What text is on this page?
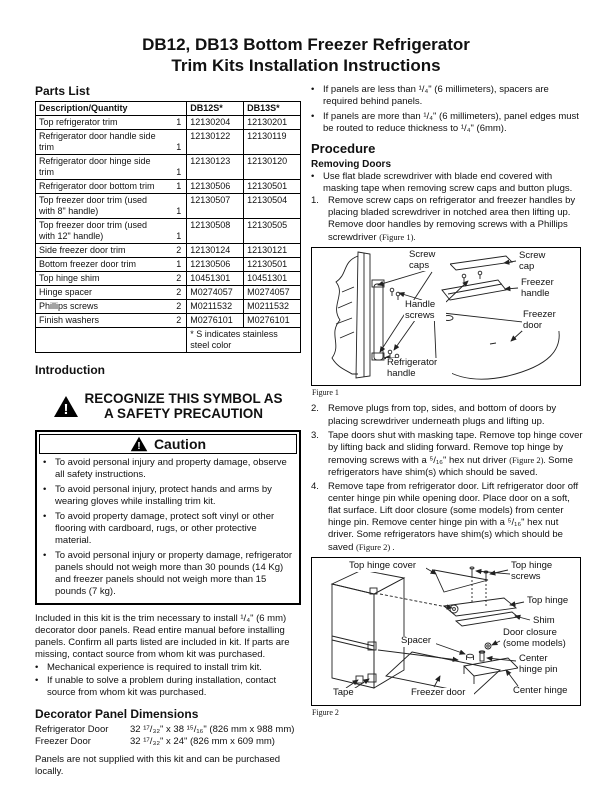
DB12, DB13 Bottom Freezer Refrigerator
Trim Kits Installation Instructions
Parts List
Description/Quantity	DB12S*	DB13S*

Top refrigerator trim 1	12130204	12130201

Refrigerator door handle side trim 1	12130122	12130119

Refrigerator door hinge side trim 1	12130123	12130120

Refrigerator door bottom trim 1	12130506	12130501

Top freezer door trim (used with 8" handle) 1	12130507	12130504

Top freezer door trim (used with 12" handle) 1	12130508	12130505

Side freezer door trim 2	12130124	12130121

Bottom freezer door trim 1	12130506	12130501

Top hinge shim 2	10451301	10451301

Hinge spacer 2	M0274057	M0274057

Phillips screws 2	M0211532	M0211532

Finish washers 2	M0276101	M0276101
	* S indicates stainless steel color	
Introduction
!
RECOGNIZE THIS SYMBOL AS
A SAFETY PRECAUTION
! Caution
• To avoid personal injury and property damage, observe all safety instructions.
• To avoid personal injury, protect hands and arms by wearing gloves while installing trim kit.
• To avoid property damage, protect soft vinyl or other flooring with cardboard, rugs, or other protective material.
• To avoid personal injury or property damage, refrigerator panels should not weigh more than 30 pounds (14 Kg) and freezer panels should not weigh more than 15 pounds (7 kg).

Included in this kit is the trim necessary to install ¹/₄" (6 mm) decorator door panels. Read entire manual before installing panels. Confirm all parts listed are included in kit. If parts are missing, contact source from whom kit was purchased.

• Mechanical experience is required to install trim kit.
• If unable to solve a problem during installation, contact source from whom kit was purchased.
Decorator Panel Dimensions
Refrigerator Door	32 ¹⁷/₃₂" x 38 ¹⁵/₁₆" (826 mm x 988 mm)
Freezer Door	32 ¹⁷/₃₂" x 24" (826 mm x 609 mm)

Panels are not supplied with this kit and can be purchased locally.

• If panels are less than ¹/₄" (6 millimeters), spacers are required behind panels.
• If panels are more than ¹/₄" (6 millimeters), panel edges must be routed to reduce thickness to ¹/₄" (6mm).
Procedure
Removing Doors
• Use flat blade screwdriver with blade end covered with masking tape when removing screw caps and button plugs.
1. Remove screw caps on refrigerator and freezer handles by placing bladed screwdriver in notched area then lifting up. Remove door handles by removing screws with a Phillips screwdriver (Figure 1).
Screw caps
Screw cap
Freezer handle
Handle screws	Freezer door
Refrigerator handle
Figure 1
2. Remove plugs from top, sides, and bottom of doors by placing screwdriver underneath plugs and lifting up.
3. Tape doors shut with masking tape. Remove top hinge cover by lifting back and sliding forward. Remove top hinge by removing screws with a ⁵/₁₆" hex nut driver (Figure 2). Some refrigerators have shim(s) which should be saved.
4. Remove tape from refrigerator door. Lift refrigerator door off center hinge pin while opening door. Place door on a soft, flat surface. Lift door closure (some models) from center hinge pin. Remove center hinge pin with a ⁵/₁₆" hex nut driver. Some refrigerators have shim(s) which should be saved (Figure 2) .
Top hinge cover	Top hinge screws
Top hinge
Shim
Spacer
Door closure (some models)
Center hinge pin
Center hinge
Tape	Freezer door
Figure 2
